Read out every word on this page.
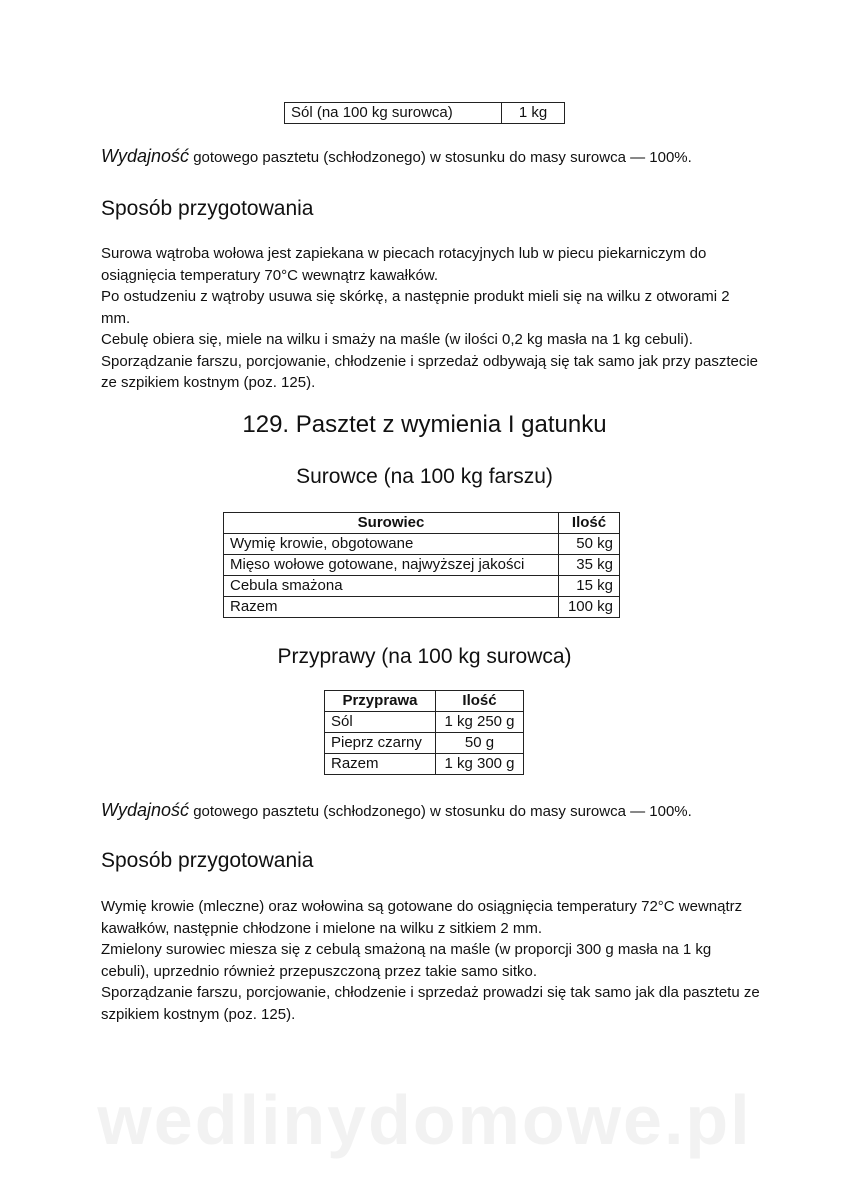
Sól (na 100 kg surowca)	1 kg
Wydajność gotowego pasztetu (schłodzonego) w stosunku do masy surowca — 100%.
Sposób przygotowania

Surowa wątroba wołowa jest zapiekana w piecach rotacyjnych lub w piecu piekarniczym do osiągnięcia temperatury 70°C wewnątrz kawałków.

Po ostudzeniu z wątroby usuwa się skórkę, a następnie produkt mieli się na wilku z otworami 2 mm.

Cebulę obiera się, miele na wilku i smaży na maśle (w ilości 0,2 kg masła na 1 kg cebuli).

Sporządzanie farszu, porcjowanie, chłodzenie i sprzedaż odbywają się tak samo jak przy pasztecie ze szpikiem kostnym (poz. 125).

129. Pasztet z wymienia I gatunku
Surowce (na 100 kg farszu)
Surowiec	Ilość
Wymię krowie, obgotowane	50 kg
Mięso wołowe gotowane, najwyższej jakości	35 kg
Cebula smażona	15 kg
Razem	100 kg
Przyprawy (na 100 kg surowca)
Przyprawa	Ilość
Sól	1 kg 250 g
Pieprz czarny	50 g
Razem	1 kg 300 g
Wydajność gotowego pasztetu (schłodzonego) w stosunku do masy surowca — 100%.
Sposób przygotowania

Wymię krowie (mleczne) oraz wołowina są gotowane do osiągnięcia temperatury 72°C wewnątrz kawałków, następnie chłodzone i mielone na wilku z sitkiem 2 mm.

Zmielony surowiec miesza się z cebulą smażoną na maśle (w proporcji 300 g masła na 1 kg cebuli), uprzednio również przepuszczoną przez takie samo sitko.

Sporządzanie farszu, porcjowanie, chłodzenie i sprzedaż prowadzi się tak samo jak dla pasztetu ze szpikiem kostnym (poz. 125).

wedlinydomowe.pl
